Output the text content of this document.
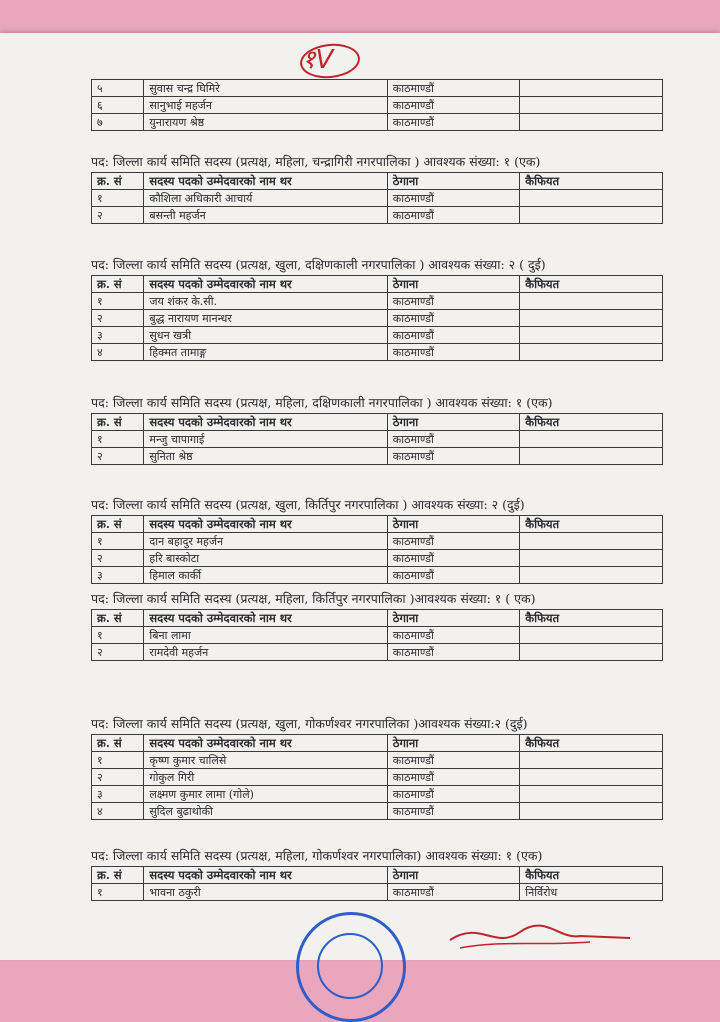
१V
५	सुवास चन्द्र घिमिरे	काठमाण्डौं	
६	सानुभाई महर्जन	काठमाण्डौं	
७	युनारायण श्रेष्ठ	काठमाण्डौं	
पद: जिल्ला कार्य समिति सदस्य (प्रत्यक्ष, महिला, चन्द्रागिरी नगरपालिका ) आवश्यक संख्या: १ (एक)
क्र. सं	सदस्य पदको उम्मेदवारको नाम थर	ठेगाना	कैफियत
१	कौशिला अधिकारी आचार्य	काठमाण्डौं	
२	बसन्ती महर्जन	काठमाण्डौं	
पद: जिल्ला कार्य समिति सदस्य (प्रत्यक्ष, खुला, दक्षिणकाली नगरपालिका ) आवश्यक संख्या: २ ( दुई)
क्र. सं	सदस्य पदको उम्मेदवारको नाम थर	ठेगाना	कैफियत
१	जय शंकर के.सी.	काठमाण्डौं	
२	बुद्ध नारायण मानन्धर	काठमाण्डौं	
३	सुधन खत्री	काठमाण्डौं	
४	हिक्मत तामाङ्ग	काठमाण्डौं	
पद: जिल्ला कार्य समिति सदस्य (प्रत्यक्ष, महिला, दक्षिणकाली नगरपालिका ) आवश्यक संख्या: १ (एक)
क्र. सं	सदस्य पदको उम्मेदवारको नाम थर	ठेगाना	कैफियत
१	मन्जु चापागाई	काठमाण्डौं	
२	सुनिता श्रेष्ठ	काठमाण्डौं	
पद: जिल्ला कार्य समिति सदस्य (प्रत्यक्ष, खुला, किर्तिपुर नगरपालिका ) आवश्यक संख्या: २ (दुई)
क्र. सं	सदस्य पदको उम्मेदवारको नाम थर	ठेगाना	कैफियत
१	दान बहादुर महर्जन	काठमाण्डौं	
२	हरि बास्कोटा	काठमाण्डौं	
३	हिमाल कार्की	काठमाण्डौं	
पद: जिल्ला कार्य समिति सदस्य (प्रत्यक्ष, महिला, किर्तिपुर नगरपालिका )आवश्यक संख्या: १ ( एक)
क्र. सं	सदस्य पदको उम्मेदवारको नाम थर	ठेगाना	कैफियत
१	बिना लामा	काठमाण्डौं	
२	रामदेवी महर्जन	काठमाण्डौं	
पद: जिल्ला कार्य समिति सदस्य (प्रत्यक्ष, खुला, गोकर्णश्वर नगरपालिका )आवश्यक संख्या:२ (दुई)
क्र. सं	सदस्य पदको उम्मेदवारको नाम थर	ठेगाना	कैफियत
१	कृष्ण कुमार चालिसे	काठमाण्डौं	
२	गोकुल गिरी	काठमाण्डौं	
३	लक्ष्मण कुमार लामा (गोले)	काठमाण्डौं	
४	सुदिल बुढाथोकी	काठमाण्डौं	
पद: जिल्ला कार्य समिति सदस्य (प्रत्यक्ष, महिला, गोकर्णश्वर नगरपालिका) आवश्यक संख्या: १ (एक)
क्र. सं	सदस्य पदको उम्मेदवारको नाम थर	ठेगाना	कैफियत
१	भावना ठकुरी	काठमाण्डौं	निर्विरोध
